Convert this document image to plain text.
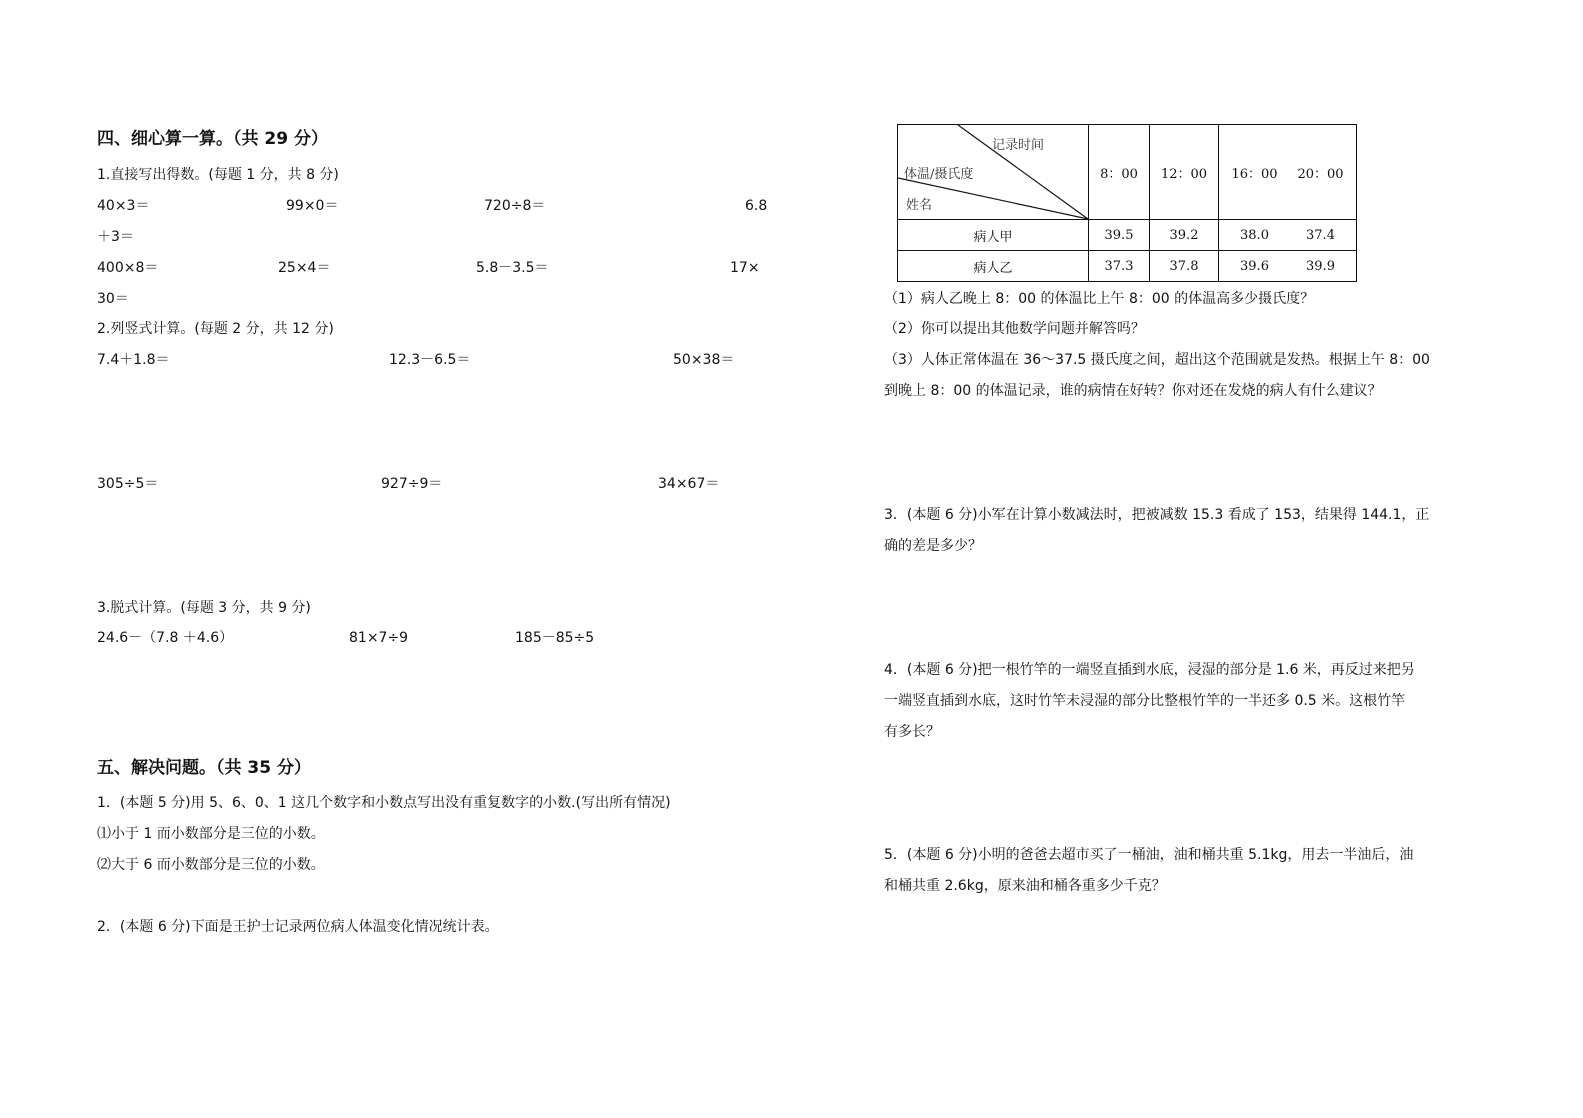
四、细心算一算。（共 29 分）
1.直接写出得数。(每题 1 分，共 8 分)
40×3＝	99×0＝	720÷8＝	6.8
＋3＝
400×8＝	25×4＝	5.8－3.5＝	17×
30＝
2.列竖式计算。(每题 2 分，共 12 分)
7.4＋1.8＝	12.3－6.5＝	50×38＝
305÷5＝	927÷9＝	34×67＝
3.脱式计算。(每题 3 分，共 9 分)
24.6－（7.8 ＋4.6）	81×7÷9	185－85÷5
五、解决问题。（共 35 分）
1．(本题 5 分)用 5、6、0、1 这几个数字和小数点写出没有重复数字的小数.(写出所有情况)
⑴小于 1 而小数部分是三位的小数。
⑵大于 6 而小数部分是三位的小数。
2．(本题 6 分)下面是王护士记录两位病人体温变化情况统计表。
记录时间
体温/摄氏度
姓名	8：00	12：00	16：00 20：00
病人甲	39.5	39.2	38.0 37.4
病人乙	37.3	37.8	39.6 39.9
（1）病人乙晚上 8：00 的体温比上午 8：00 的体温高多少摄氏度？
（2）你可以提出其他数学问题并解答吗？
（3）人体正常体温在 36～37.5 摄氏度之间，超出这个范围就是发热。根据上午 8：00
到晚上 8：00 的体温记录，谁的病情在好转？你对还在发烧的病人有什么建议？
3．(本题 6 分)小军在计算小数减法时，把被减数 15.3 看成了 153，结果得 144.1，正
确的差是多少？
4．(本题 6 分)把一根竹竿的一端竖直插到水底，浸湿的部分是 1.6 米，再反过来把另
一端竖直插到水底，这时竹竿未浸湿的部分比整根竹竿的一半还多 0.5 米。这根竹竿
有多长？
5．(本题 6 分)小明的爸爸去超市买了一桶油，油和桶共重 5.1kg，用去一半油后，油
和桶共重 2.6kg，原来油和桶各重多少千克？
